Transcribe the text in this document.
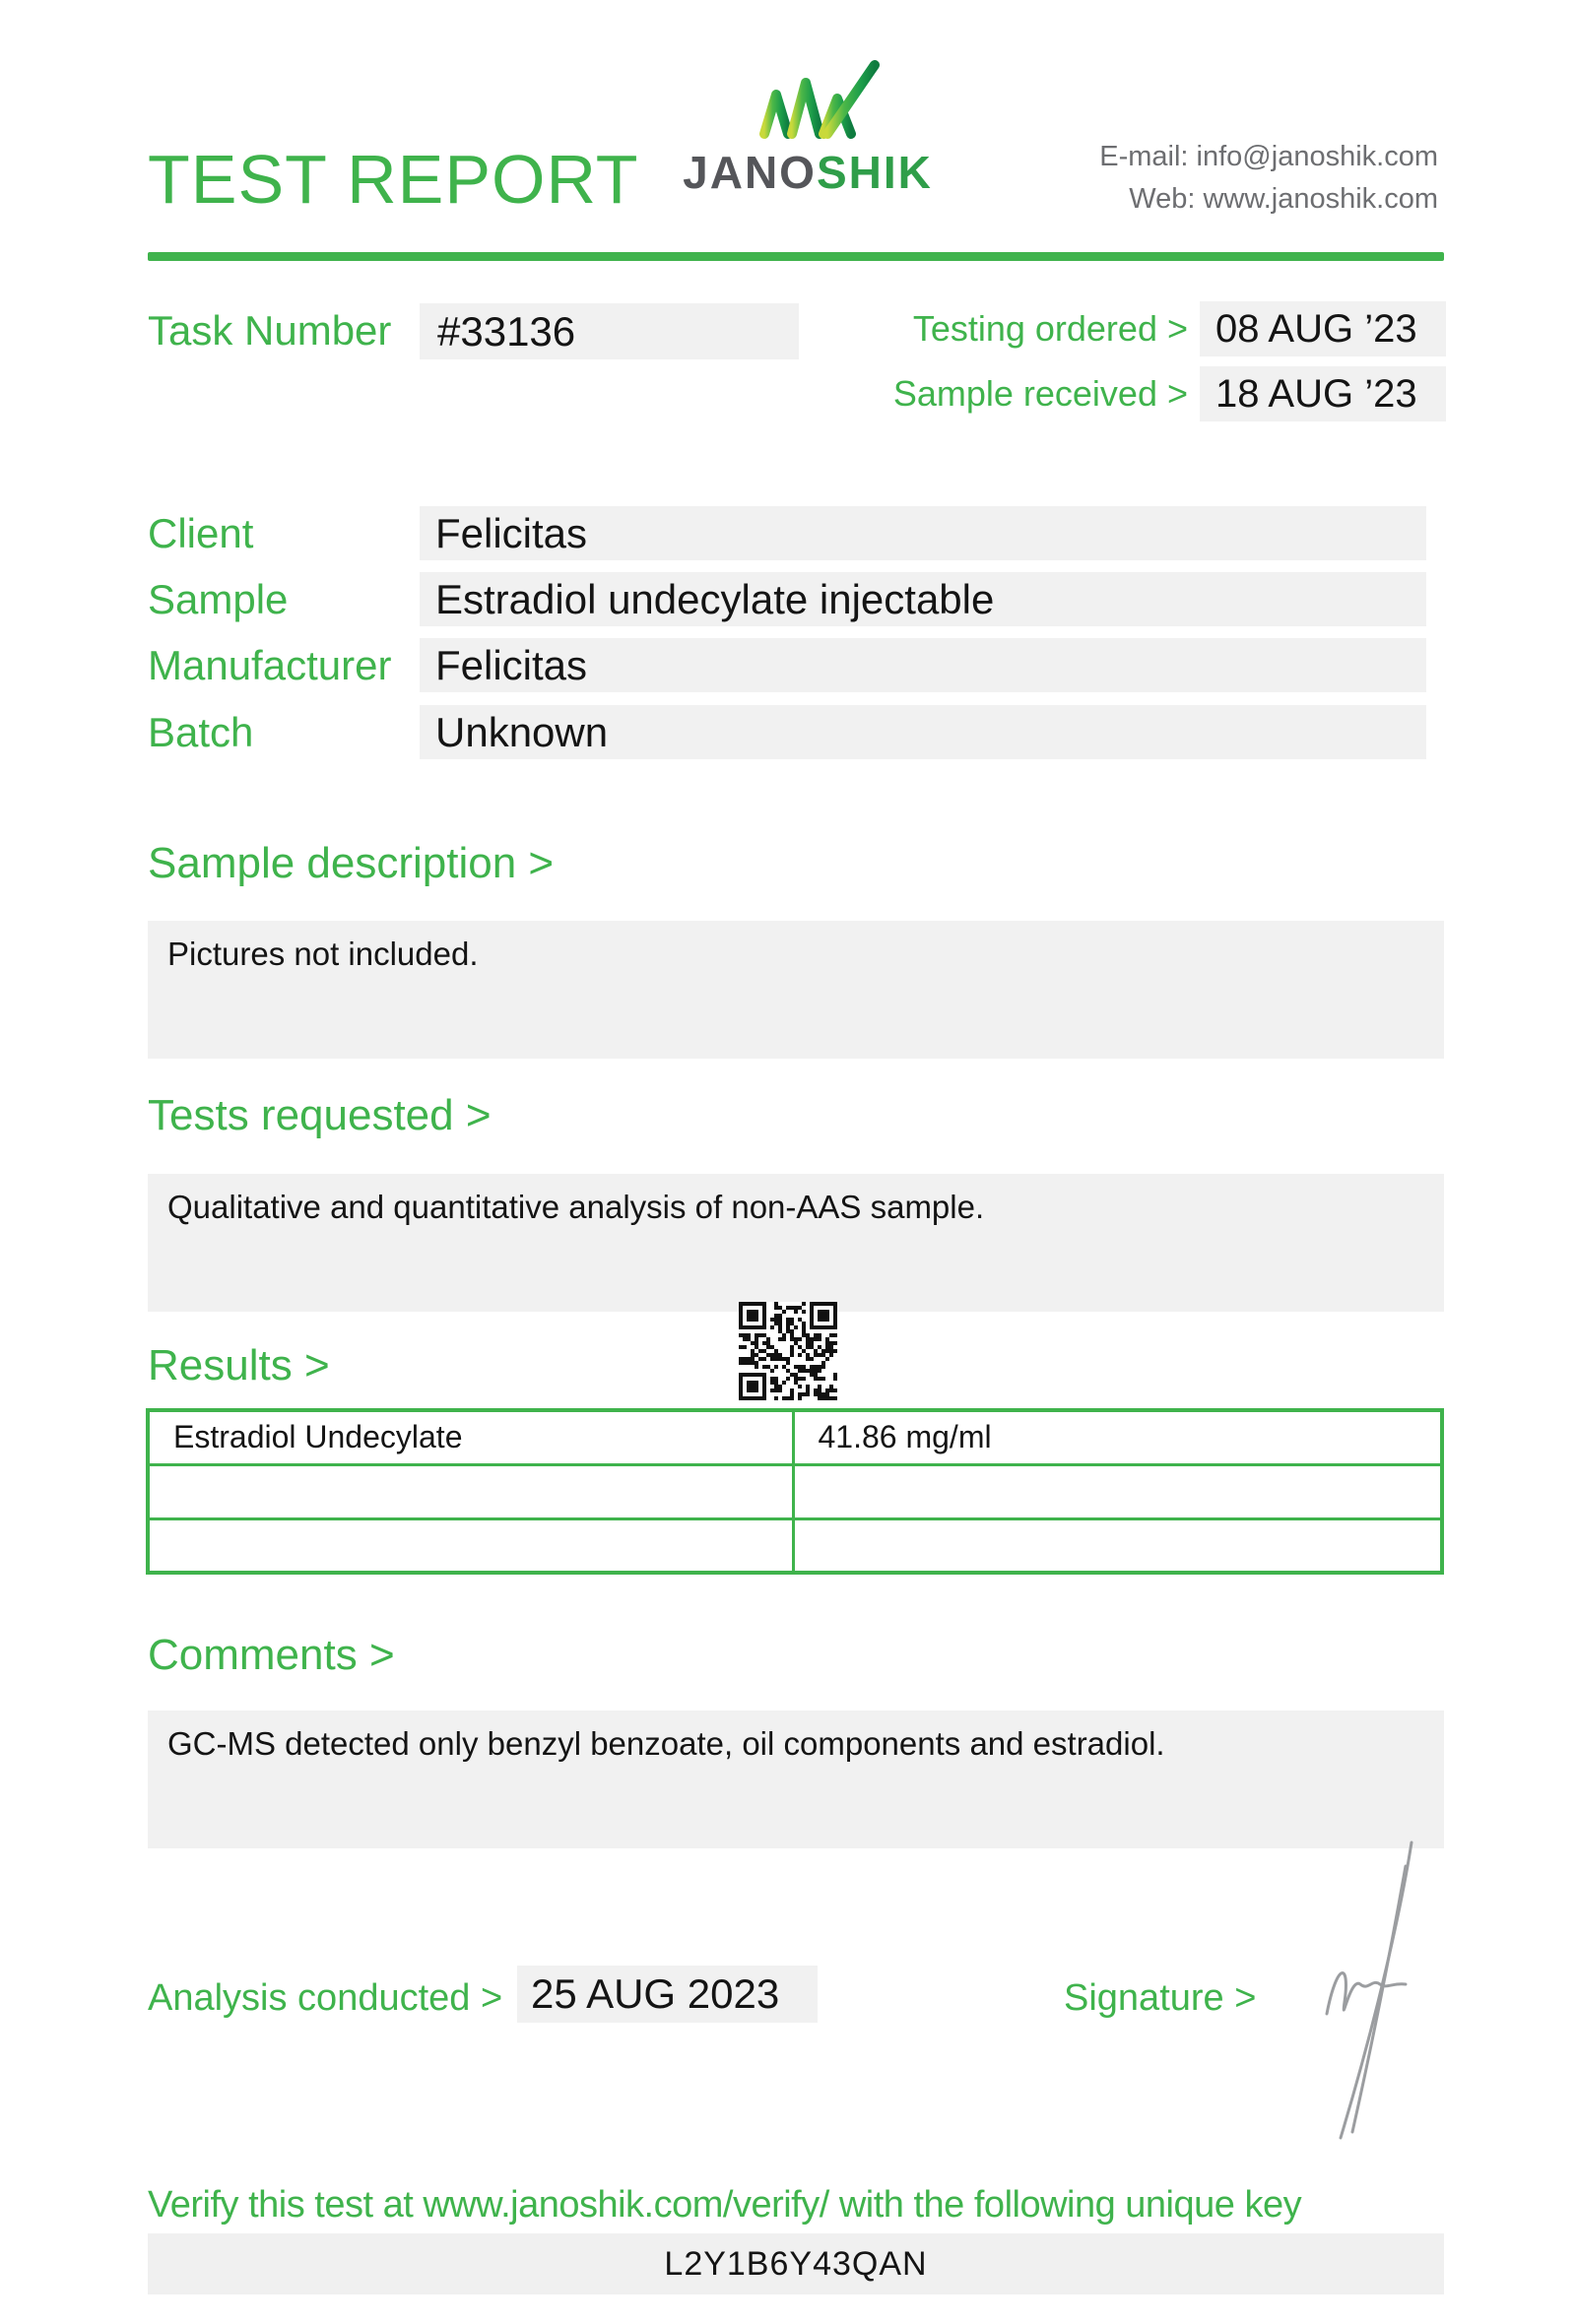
TEST REPORT JANOSHIK	E-mail: info@janoshik.com
Web: www.janoshik.com
Task Number	#33136	Testing ordered > 08 AUG ’23
Sample received > 18 AUG ’23
Client	Felicitas
Sample	Estradiol undecylate injectable
Manufacturer	Felicitas
Batch	Unknown
Sample description >
Pictures not included.
Tests requested >
Qualitative and quantitative analysis of non-AAS sample.
Results >
Estradiol Undecylate	41.86 mg/ml

Comments >
GC-MS detected only benzyl benzoate, oil components and estradiol.
Analysis conducted > 25 AUG 2023	Signature >
Verify this test at www.janoshik.com/verify/ with the following unique key
L2Y1B6Y43QAN
